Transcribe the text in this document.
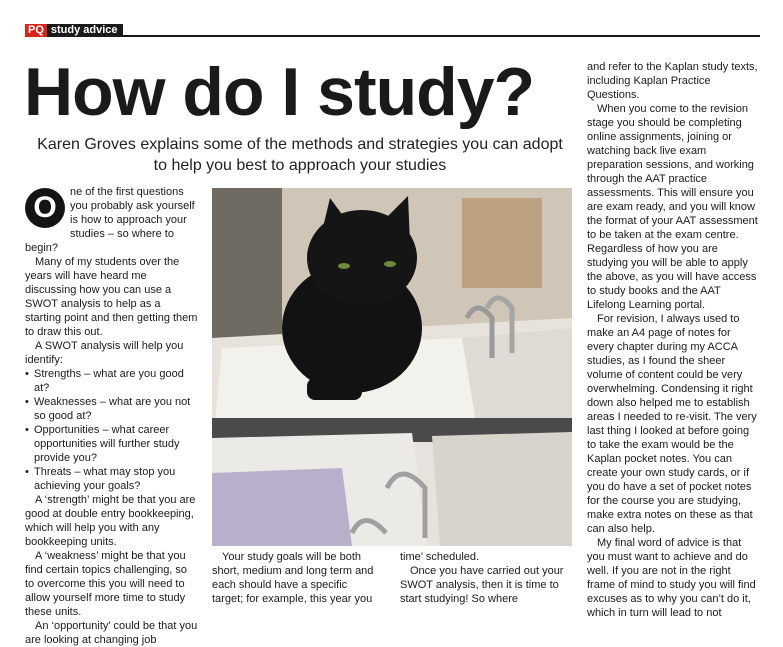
PQ study advice
How do I study?

Karen Groves explains some of the methods and strategies you can adopt to help you best to approach your studies

O	ne of the first questions you probably ask yourself is how to approach your studies – so where to begin?

Many of my students over the years will have heard me discussing how you can use a SWOT analysis to help as a starting point and then getting them to draw this out.

A SWOT analysis will help you identify:

• Strengths – what are you good at?
• Weaknesses – what are you not so good at?
• Opportunities – what career opportunities will further study provide you?
• Threats – what may stop you achieving your goals?

A ‘strength’ might be that you are good at double entry bookkeeping, which will help you with any bookkeeping units.

A ‘weakness’ might be that you find certain topics challenging, so to overcome this you will need to allow yourself more time to study these units.

An ‘opportunity’ could be that you are looking at changing job

Your study goals will be both short, medium and long term and each should have a specific target; for example, this year you

time’ scheduled.

Once you have carried out your SWOT analysis, then it is time to start studying! So where

and refer to the Kaplan study texts, including Kaplan Practice Questions.

When you come to the revision stage you should be completing online assignments, joining or watching back live exam preparation sessions, and working through the AAT practice assessments. This will ensure you are exam ready, and you will know the format of your AAT assessment to be taken at the exam centre. Regardless of how you are studying you will be able to apply the above, as you will have access to study books and the AAT Lifelong Learning portal.

For revision, I always used to make an A4 page of notes for every chapter during my ACCA studies, as I found the sheer volume of content could be very overwhelming. Condensing it right down also helped me to establish areas I needed to re-visit. The very last thing I looked at before going to take the exam would be the Kaplan pocket notes. You can create your own study cards, or if you do have a set of pocket notes for the course you are studying, make extra notes on these as that can also help.

My final word of advice is that you must want to achieve and do well. If you are not in the right frame of mind to study you will find excuses as to why you can’t do it, which in turn will lead to not
